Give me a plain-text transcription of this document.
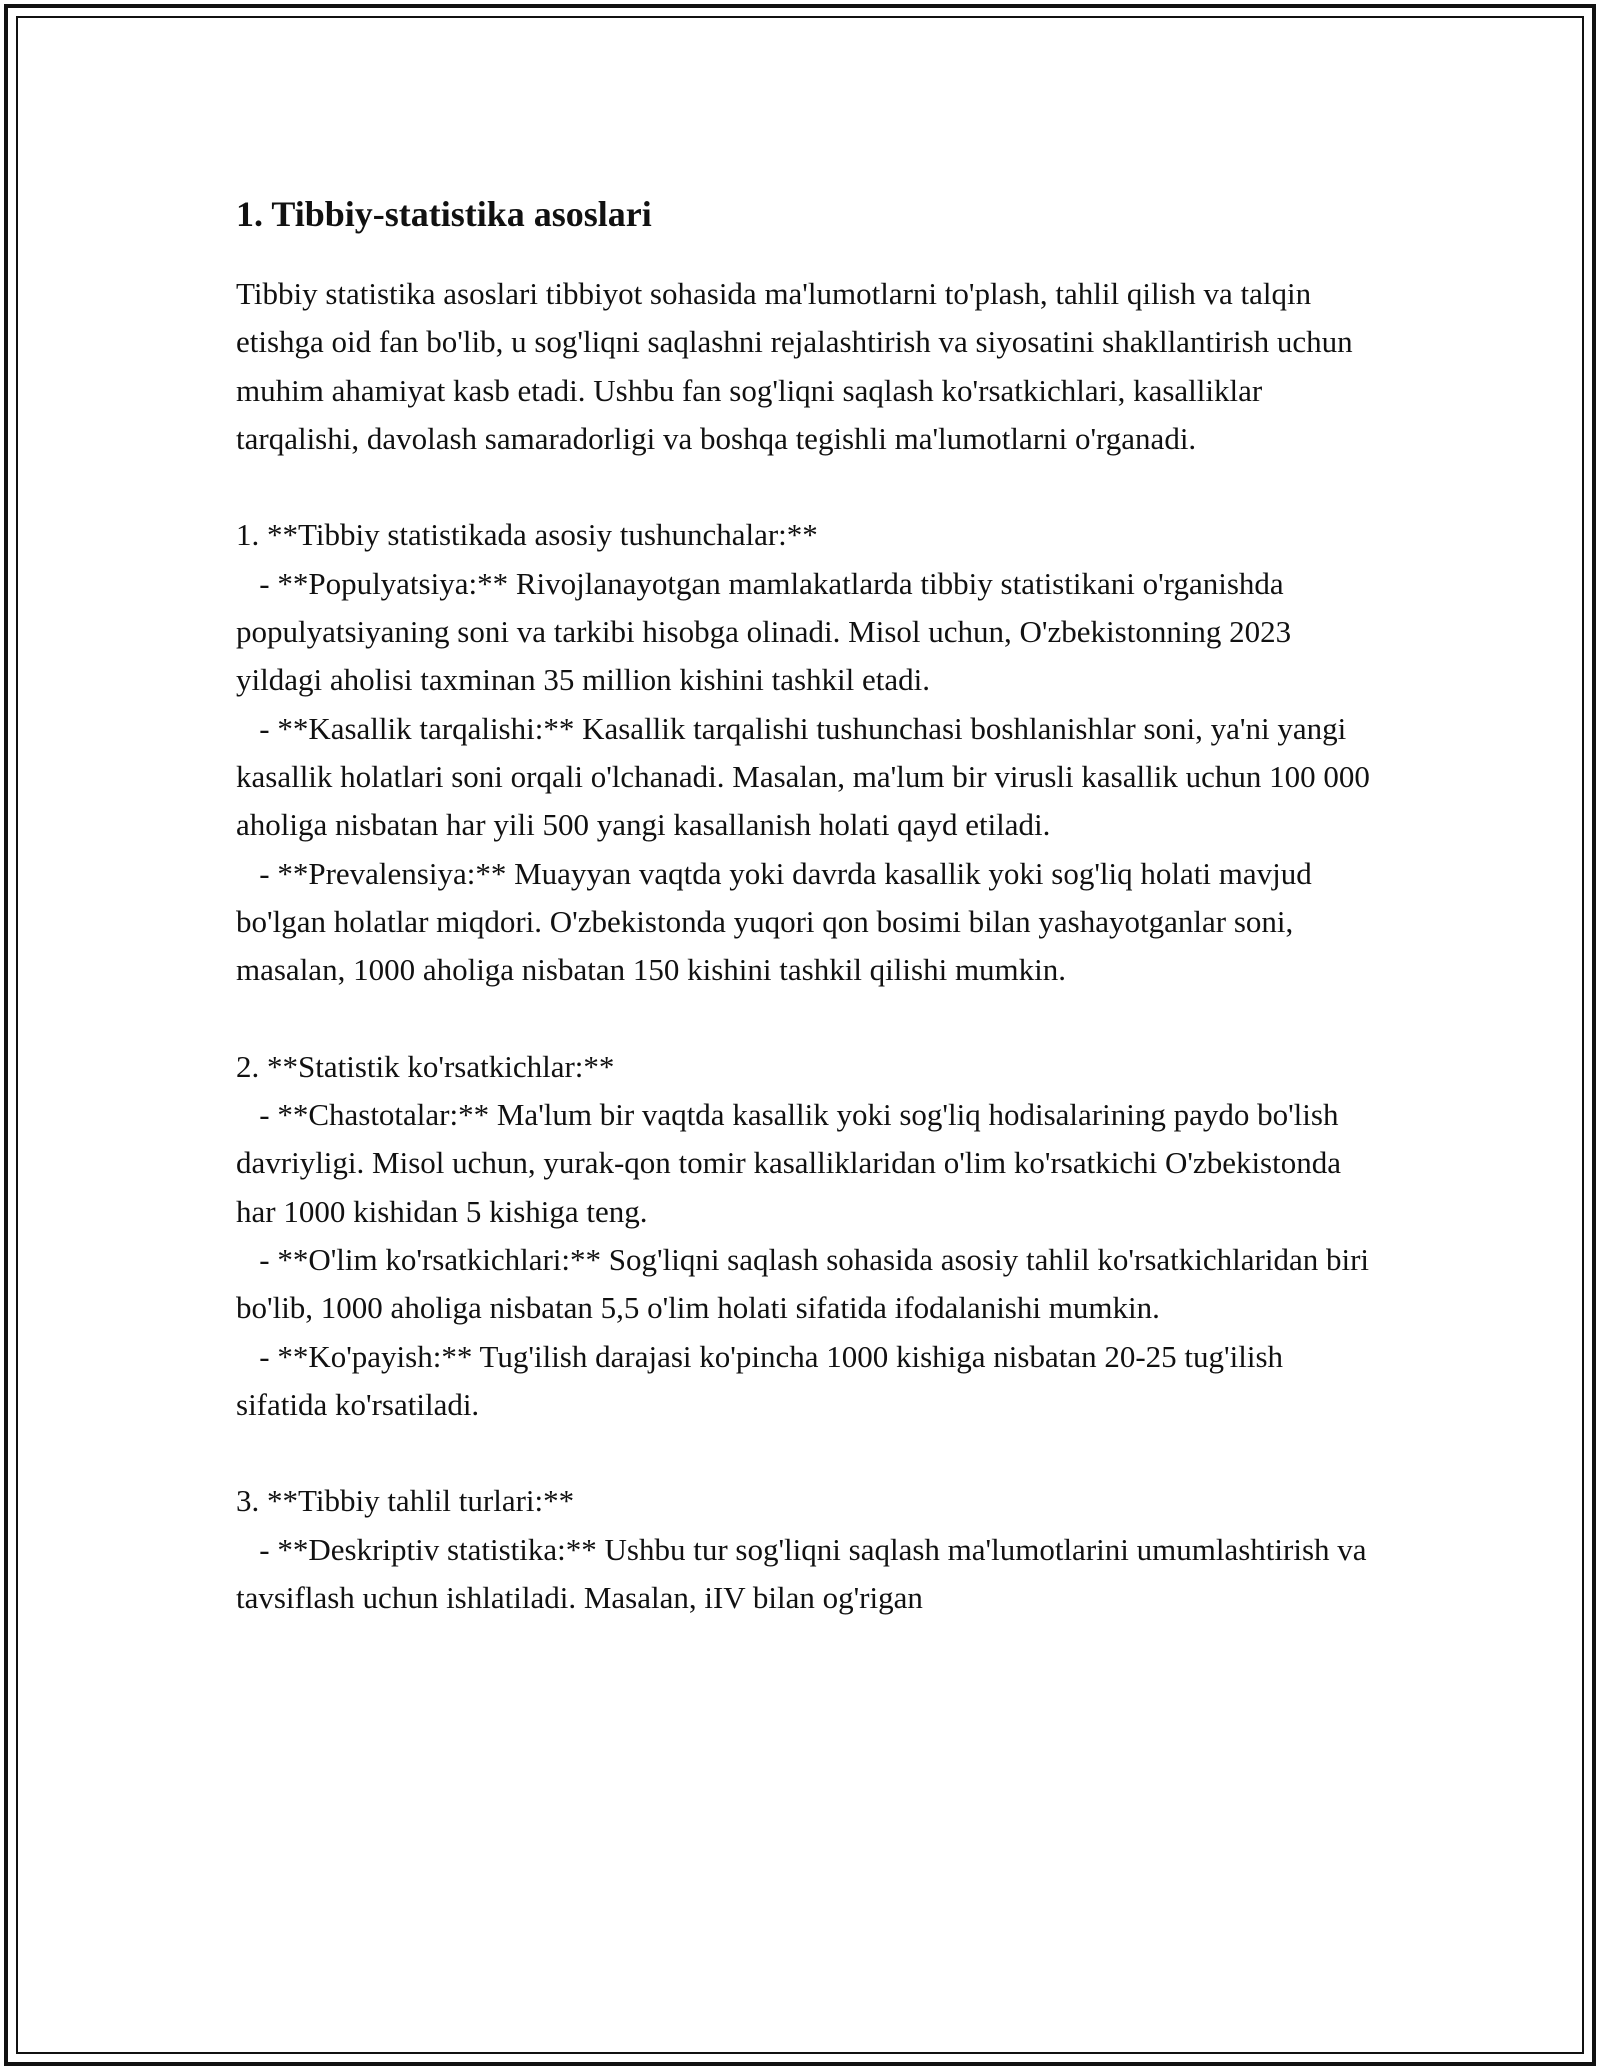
1. Tibbiy-statistika asoslari

Tibbiy statistika asoslari tibbiyot sohasida ma'lumotlarni to'plash, tahlil qilish va talqin etishga oid fan bo'lib, u sog'liqni saqlashni rejalashtirish va siyosatini shakllantirish uchun muhim ahamiyat kasb etadi. Ushbu fan sog'liqni saqlash ko'rsatkichlari, kasalliklar tarqalishi, davolash samaradorligi va boshqa tegishli ma'lumotlarni o'rganadi.

1. **Tibbiy statistikada asosiy tushunchalar:**

- **Populyatsiya:** Rivojlanayotgan mamlakatlarda tibbiy statistikani o'rganishda populyatsiyaning soni va tarkibi hisobga olinadi. Misol uchun, O'zbekistonning 2023 yildagi aholisi taxminan 35 million kishini tashkil etadi.

- **Kasallik tarqalishi:** Kasallik tarqalishi tushunchasi boshlanishlar soni, ya'ni yangi kasallik holatlari soni orqali o'lchanadi. Masalan, ma'lum bir virusli kasallik uchun 100 000 aholiga nisbatan har yili 500 yangi kasallanish holati qayd etiladi.

- **Prevalensiya:** Muayyan vaqtda yoki davrda kasallik yoki sog'liq holati mavjud bo'lgan holatlar miqdori. O'zbekistonda yuqori qon bosimi bilan yashayotganlar soni, masalan, 1000 aholiga nisbatan 150 kishini tashkil qilishi mumkin.

2. **Statistik ko'rsatkichlar:**

- **Chastotalar:** Ma'lum bir vaqtda kasallik yoki sog'liq hodisalarining paydo bo'lish davriyligi. Misol uchun, yurak-qon tomir kasalliklaridan o'lim ko'rsatkichi O'zbekistonda har 1000 kishidan 5 kishiga teng.

- **O'lim ko'rsatkichlari:** Sog'liqni saqlash sohasida asosiy tahlil ko'rsatkichlaridan biri bo'lib, 1000 aholiga nisbatan 5,5 o'lim holati sifatida ifodalanishi mumkin.

- **Ko'payish:** Tug'ilish darajasi ko'pincha 1000 kishiga nisbatan 20-25 tug'ilish sifatida ko'rsatiladi.

3. **Tibbiy tahlil turlari:**

- **Deskriptiv statistika:** Ushbu tur sog'liqni saqlash ma'lumotlarini umumlashtirish va tavsiflash uchun ishlatiladi. Masalan, iIV bilan og'rigan
